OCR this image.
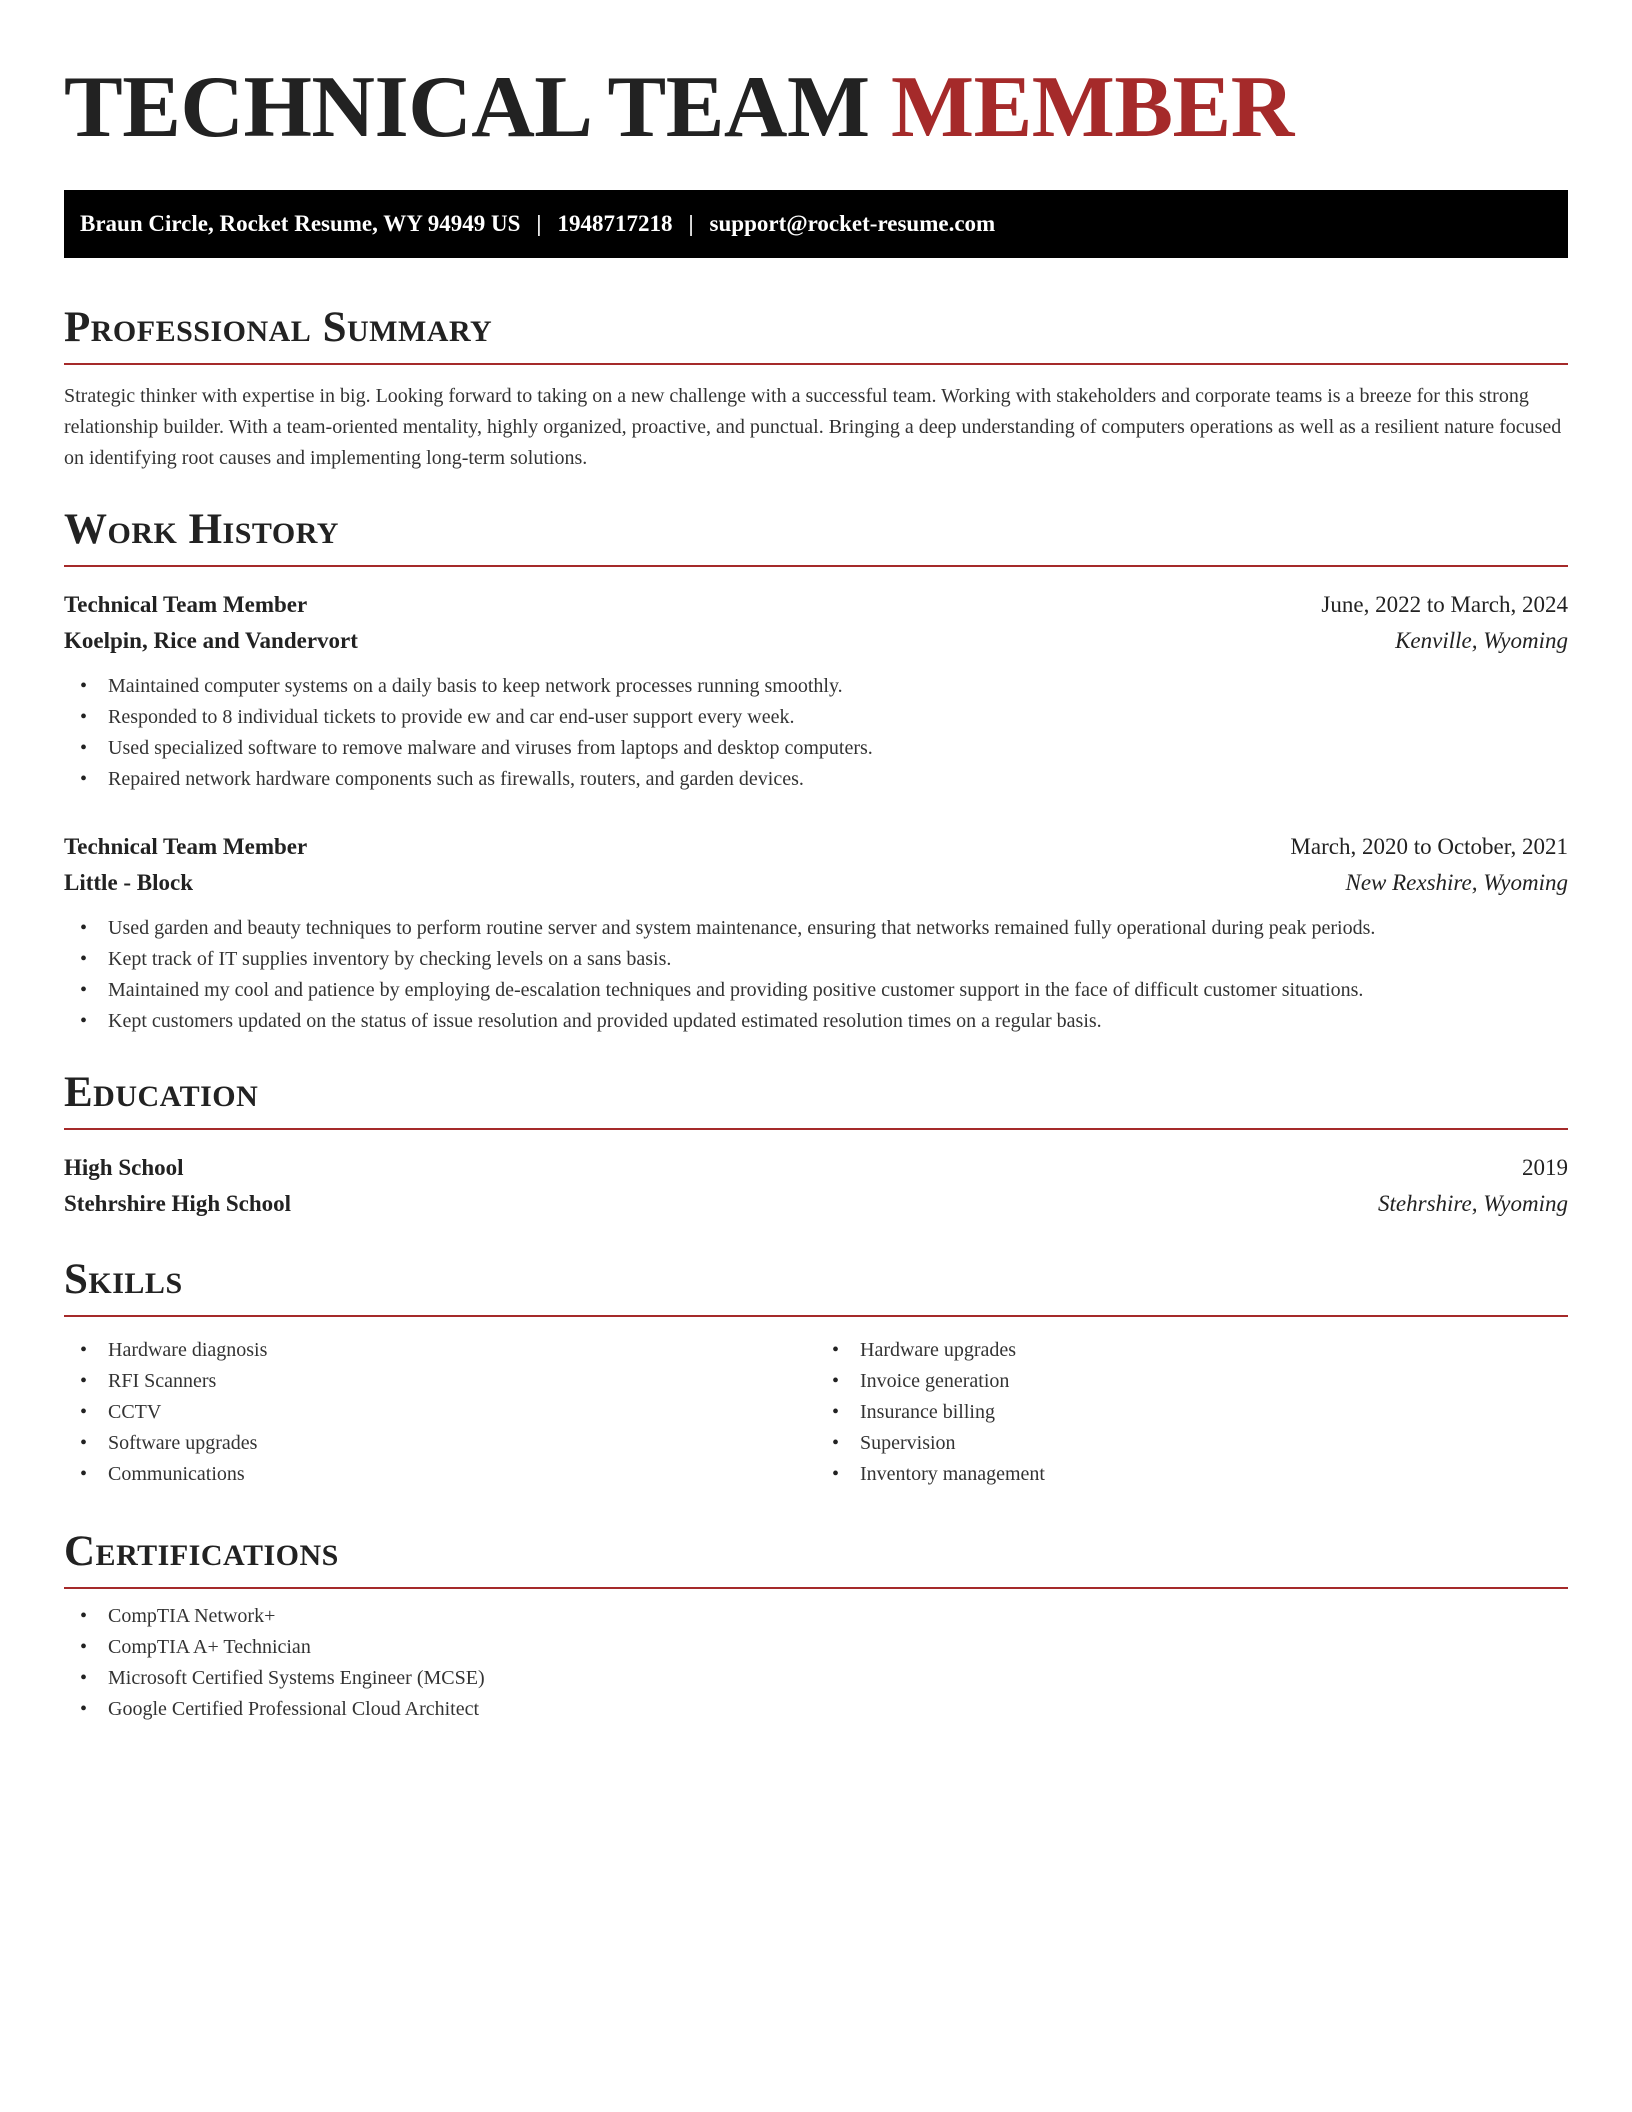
TECHNICAL TEAM MEMBER
Braun Circle, Rocket Resume, WY 94949 US | 1948717218 | support@rocket-resume.com
Professional Summary

Strategic thinker with expertise in big. Looking forward to taking on a new challenge with a successful team. Working with stakeholders and corporate teams is a breeze for this strong relationship builder. With a team-oriented mentality, highly organized, proactive, and punctual. Bringing a deep understanding of computers operations as well as a resilient nature focused on identifying root causes and implementing long-term solutions.

Work History
Technical Team Member	June, 2022 to March, 2024
Koelpin, Rice and Vandervort	Kenville, Wyoming
• Maintained computer systems on a daily basis to keep network processes running smoothly.
• Responded to 8 individual tickets to provide ew and car end-user support every week.
• Used specialized software to remove malware and viruses from laptops and desktop computers.
• Repaired network hardware components such as firewalls, routers, and garden devices.
Technical Team Member	March, 2020 to October, 2021
Little - Block	New Rexshire, Wyoming
• Used garden and beauty techniques to perform routine server and system maintenance, ensuring that networks remained fully operational during peak periods.
• Kept track of IT supplies inventory by checking levels on a sans basis.
• Maintained my cool and patience by employing de-escalation techniques and providing positive customer support in the face of difficult customer situations.
• Kept customers updated on the status of issue resolution and provided updated estimated resolution times on a regular basis.
Education
High School	2019
Stehrshire High School	Stehrshire, Wyoming
Skills
• Hardware diagnosis
• RFI Scanners
• CCTV
• Software upgrades
• Communications
• Hardware upgrades
• Invoice generation
• Insurance billing
• Supervision
• Inventory management
Certifications
• CompTIA Network+
• CompTIA A+ Technician
• Microsoft Certified Systems Engineer (MCSE)
• Google Certified Professional Cloud Architect
